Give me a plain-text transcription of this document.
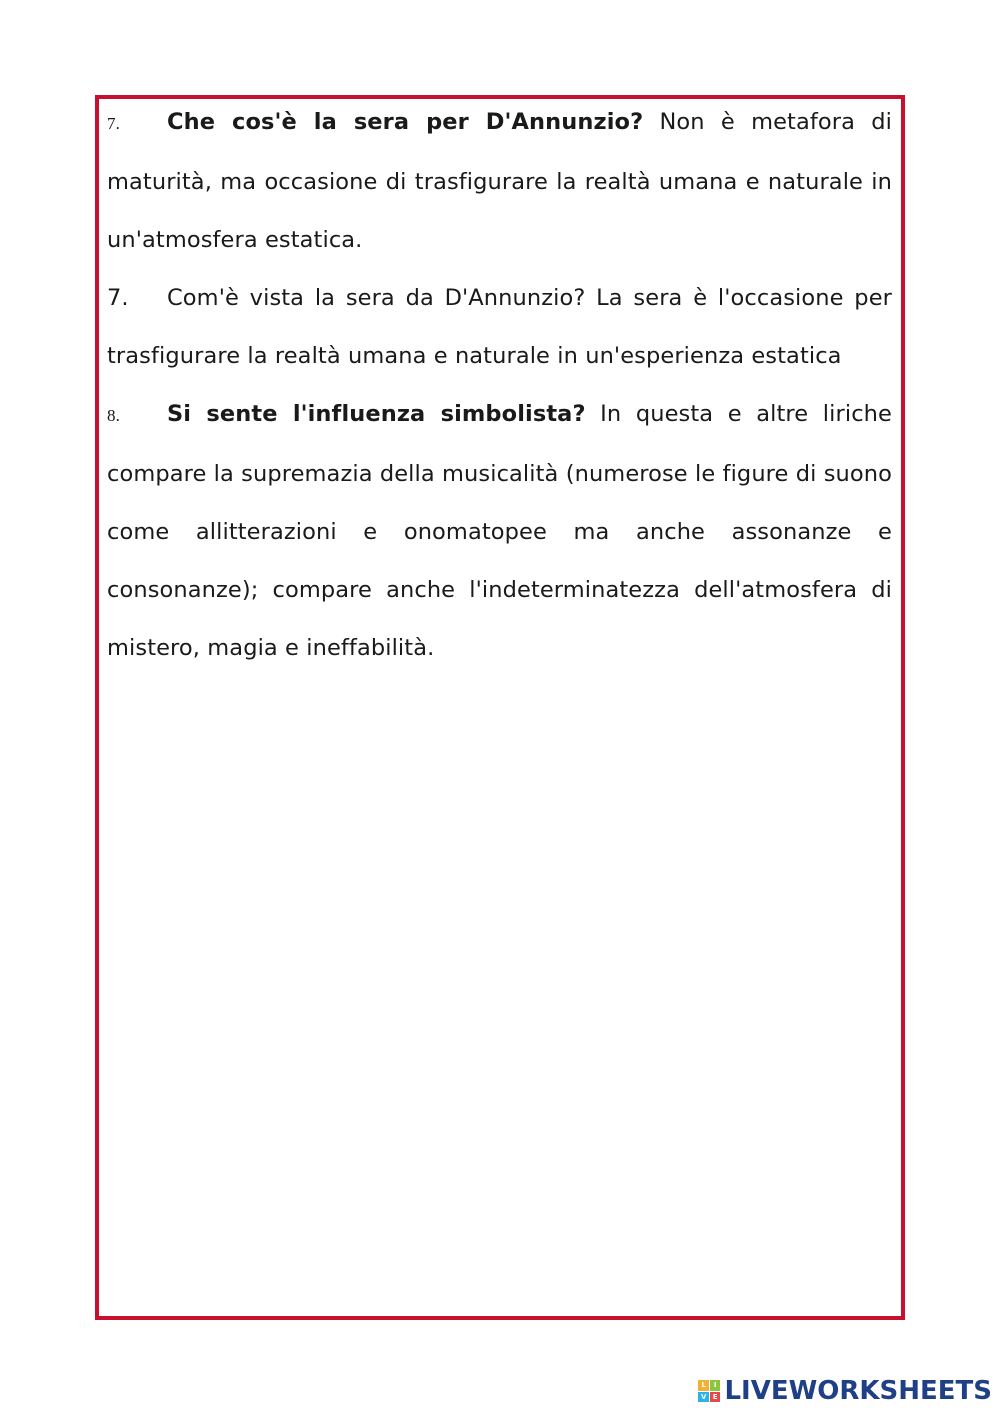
7. Che cos'è la sera per D'Annunzio? Non è metafora di maturità, ma occasione di trasfigurare la realtà umana e naturale in un'atmosfera estatica.

7. Com'è vista la sera da D'Annunzio? La sera è l'occasione per trasfigurare la realtà umana e naturale in un'esperienza estatica

8. Si sente l'influenza simbolista? In questa e altre liriche compare la supremazia della musicalità (numerose le figure di suono come allitterazioni e onomatopee ma anche assonanze e consonanze); compare anche l'indeterminatezza dell'atmosfera di mistero, magia e ineffabilità.

L	I
V E LIVEWORKSHEETS
